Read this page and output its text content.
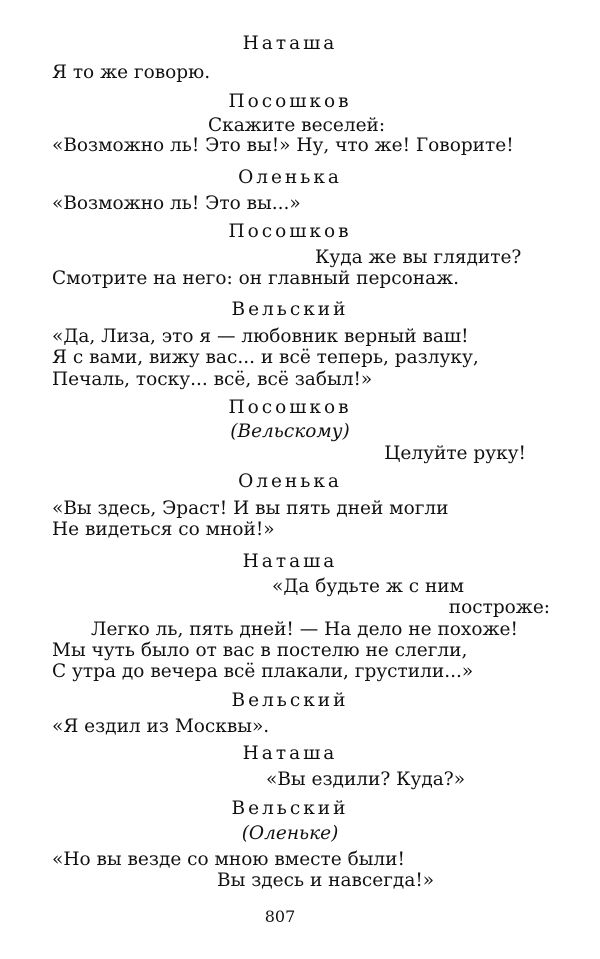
Наташа
Я то же говорю.
Посошков
Скажите веселей:
«Возможно ль! Это вы!» Ну, что же! Говорите!
Оленька
«Возможно ль! Это вы...»
Посошков
Куда же вы глядите?
Смотрите на него: он главный персонаж.
Вельский
«Да, Лиза, это я — любовник верный ваш!
Я с вами, вижу вас... и всё теперь, разлуку,
Печаль, тоску... всё, всё забыл!»
Посошков
(Вельскому)
Целуйте руку!
Оленька
«Вы здесь, Эраст! И вы пять дней могли
Не видеться со мной!»
Наташа
«Да будьте ж с ним
построже:
Легко ль, пять дней! — На дело не похоже!
Мы чуть было от вас в постелю не слегли,
С утра до вечера всё плакали, грустили...»
Вельский
«Я ездил из Москвы».
Наташа
«Вы ездили? Куда?»
Вельский
(Оленьке)
«Но вы везде со мною вместе были!
Вы здесь и навсегда!»
807
